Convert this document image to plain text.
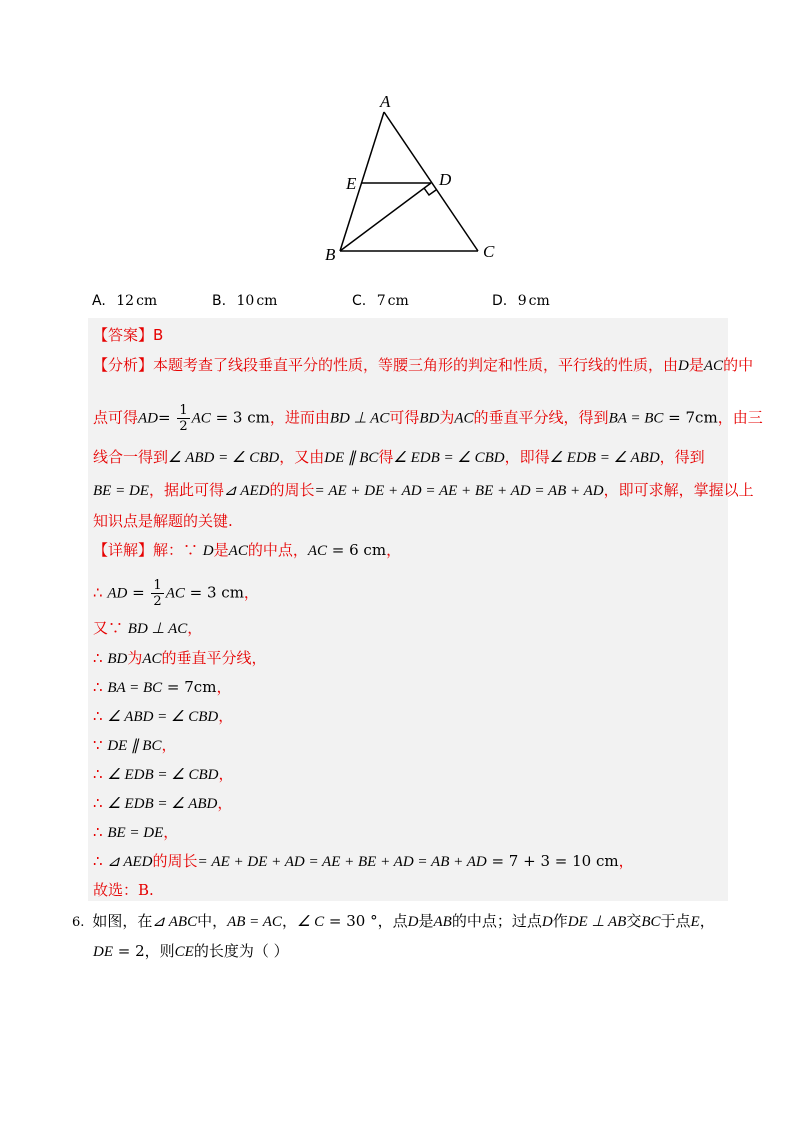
A
E	D
B	C
A. 12 cm	B. 10 cm	C. 7 cm	D. 9 cm
【答案】B
【分析】本题考查了线段垂直平分的性质，等腰三角形的判定和性质，平行线的性质，由D是AC的中
点可得$AD= \frac{1}{2}$ AC = 3 cm，进而由BD ⊥ AC可得BD为AC的垂直平分线，得到BA = BC = 7cm，由三
线合一得到∠ ABD = ∠ CBD，又由DE ∥ BC得∠ EDB = ∠ CBD，即得∠ EDB = ∠ ABD，得到
BE = DE，据此可得⊿ AED的周长= AE + DE + AD = AE + BE + AD = AB + AD，即可求解，掌握以上
知识点是解题的关键.
【详解】解：∵ D是AC的中点，AC = 6 cm，
∴ AD = $\frac{1}{2}$ AC = 3 cm，
又∵ BD ⊥ AC，
∴ BD为AC的垂直平分线，
∴ BA = BC = 7cm，
∴ ∠ ABD = ∠ CBD，
∵ DE ∥ BC，
∴ ∠ EDB = ∠ CBD，
∴ ∠ EDB = ∠ ABD，
∴ BE = DE，
∴ ⊿ AED的周长= AE + DE + AD = AE + BE + AD = AB + AD = 7 + 3 = 10 cm，
故选：B.
6. 如图，在⊿ ABC中，AB = AC，∠ C = 30 °，点D是AB的中点；过点D作DE ⊥ AB交BC于点E，
DE = 2，则CE的长度为（ ）
